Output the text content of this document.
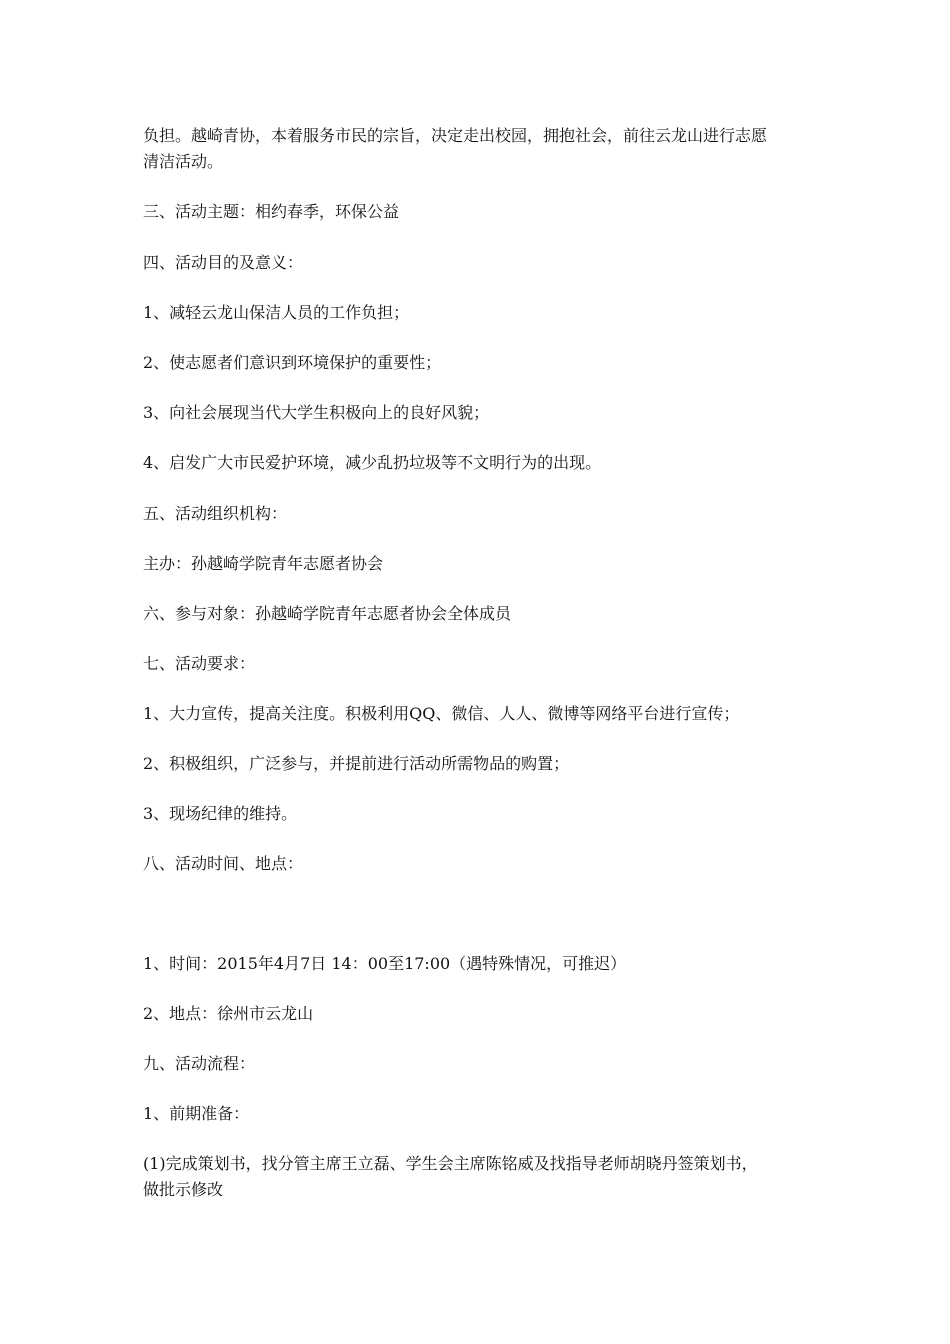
负担。越崎青协，本着服务市民的宗旨，决定走出校园，拥抱社会，前往云龙山进行志愿

清洁活动。

三、活动主题：相约春季，环保公益

四、活动目的及意义：

1、减轻云龙山保洁人员的工作负担；

2、使志愿者们意识到环境保护的重要性；

3、向社会展现当代大学生积极向上的良好风貌；

4、启发广大市民爱护环境，减少乱扔垃圾等不文明行为的出现。

五、活动组织机构：

主办：孙越崎学院青年志愿者协会

六、参与对象：孙越崎学院青年志愿者协会全体成员

七、活动要求：

1、大力宣传，提高关注度。积极利用QQ、微信、人人、微博等网络平台进行宣传；

2、积极组织，广泛参与，并提前进行活动所需物品的购置；

3、现场纪律的维持。

八、活动时间、地点：

1、时间：2015年4月7日 14：00至17:00（遇特殊情况，可推迟）

2、地点：徐州市云龙山

九、活动流程：

1、前期准备：

(1)完成策划书，找分管主席王立磊、学生会主席陈铭威及找指导老师胡晓丹签策划书，

做批示修改
